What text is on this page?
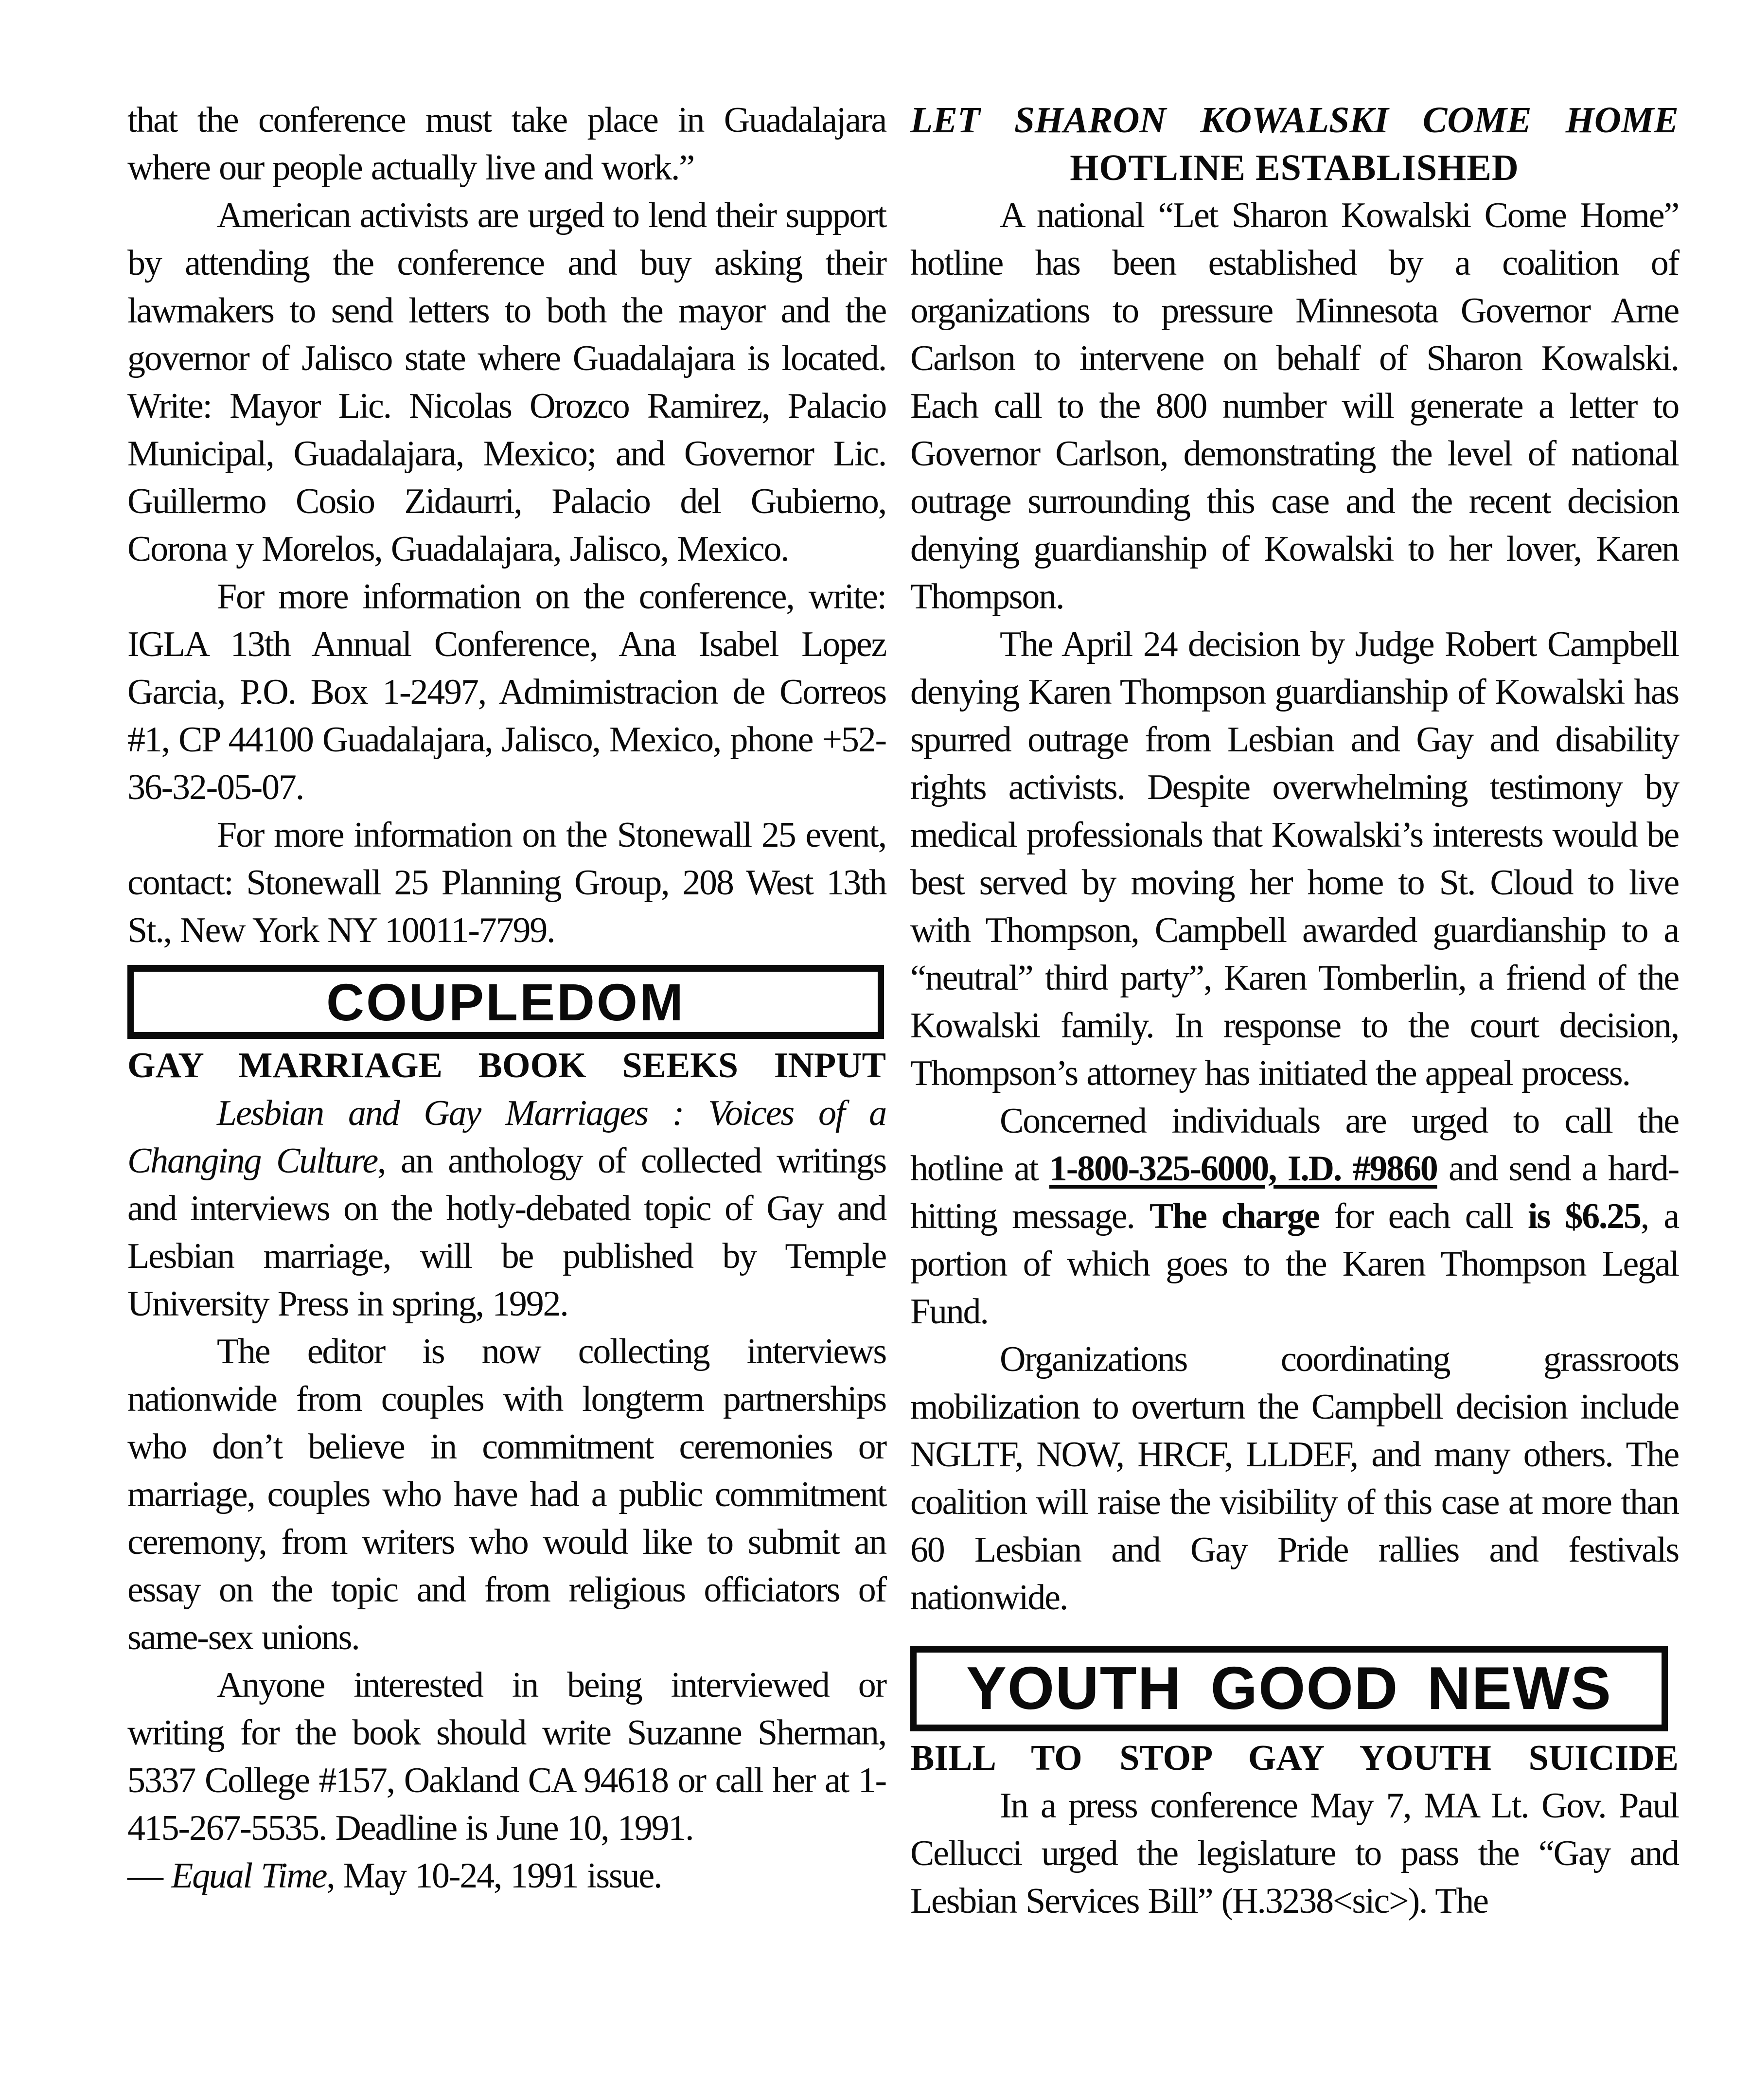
that the conference must take place in Guadalajara where our people actually live and work.”

American activists are urged to lend their support by attending the conference and buy asking their lawmakers to send letters to both the mayor and the governor of Jalisco state where Guadalajara is located. Write: Mayor Lic. Nicolas Orozco Ramirez, Palacio Municipal, Guadalajara, Mexico; and Governor Lic. Guillermo Cosio Zidaurri, Palacio del Gubierno, Corona y Morelos, Guadalajara, Jalisco, Mexico.

For more information on the conference, write: IGLA 13th Annual Conference, Ana Isabel Lopez Garcia, P.O. Box 1-2497, Admimistracion de Correos #1, CP 44100 Guadalajara, Jalisco, Mexico, phone +52-36-32-05-07.

For more information on the Stonewall 25 event, contact: Stonewall 25 Planning Group, 208 West 13th St., New York NY 10011-7799.

COUPLEDOM
GAY MARRIAGE BOOK SEEKS INPUT

Lesbian and Gay Marriages : Voices of a Changing Culture, an anthology of collected writings and interviews on the hotly-debated topic of Gay and Lesbian marriage, will be published by Temple University Press in spring, 1992.

The editor is now collecting interviews nationwide from couples with longterm partnerships who don’t believe in commitment ceremonies or marriage, couples who have had a public commitment ceremony, from writers who would like to submit an essay on the topic and from religious officiators of same-sex unions.

Anyone interested in being interviewed or writing for the book should write Suzanne Sherman, 5337 College #157, Oakland CA 94618 or call her at 1-415-267-5535. Deadline is June 10, 1991.

— Equal Time, May 10-24, 1991 issue.

LET SHARON KOWALSKI COME HOME
HOTLINE ESTABLISHED

A national “Let Sharon Kowalski Come Home” hotline has been established by a coalition of organizations to pressure Minnesota Governor Arne Carlson to intervene on behalf of Sharon Kowalski. Each call to the 800 number will generate a letter to Governor Carlson, demonstrating the level of national outrage surrounding this case and the recent decision denying guardianship of Kowalski to her lover, Karen Thompson.

The April 24 decision by Judge Robert Campbell denying Karen Thompson guardianship of Kowalski has spurred outrage from Lesbian and Gay and disability rights activists. Despite overwhelming testimony by medical professionals that Kowalski’s interests would be best served by moving her home to St. Cloud to live with Thompson, Campbell awarded guardianship to a “neutral” third party”, Karen Tomberlin, a friend of the Kowalski family. In response to the court decision, Thompson’s attorney has initiated the appeal process.

Concerned individuals are urged to call the hotline at 1-800-325-6000, I.D. #9860 and send a hard-hitting message. The charge for each call is $6.25, a portion of which goes to the Karen Thompson Legal Fund.

Organizations coordinating grassroots mobilization to overturn the Campbell decision include NGLTF, NOW, HRCF, LLDEF, and many others. The coalition will raise the visibility of this case at more than 60 Lesbian and Gay Pride rallies and festivals nationwide.

YOUTH GOOD NEWS
BILL TO STOP GAY YOUTH SUICIDE

In a press conference May 7, MA Lt. Gov. Paul Cellucci urged the legislature to pass the “Gay and Lesbian Services Bill” (H.3238<sic>). The
